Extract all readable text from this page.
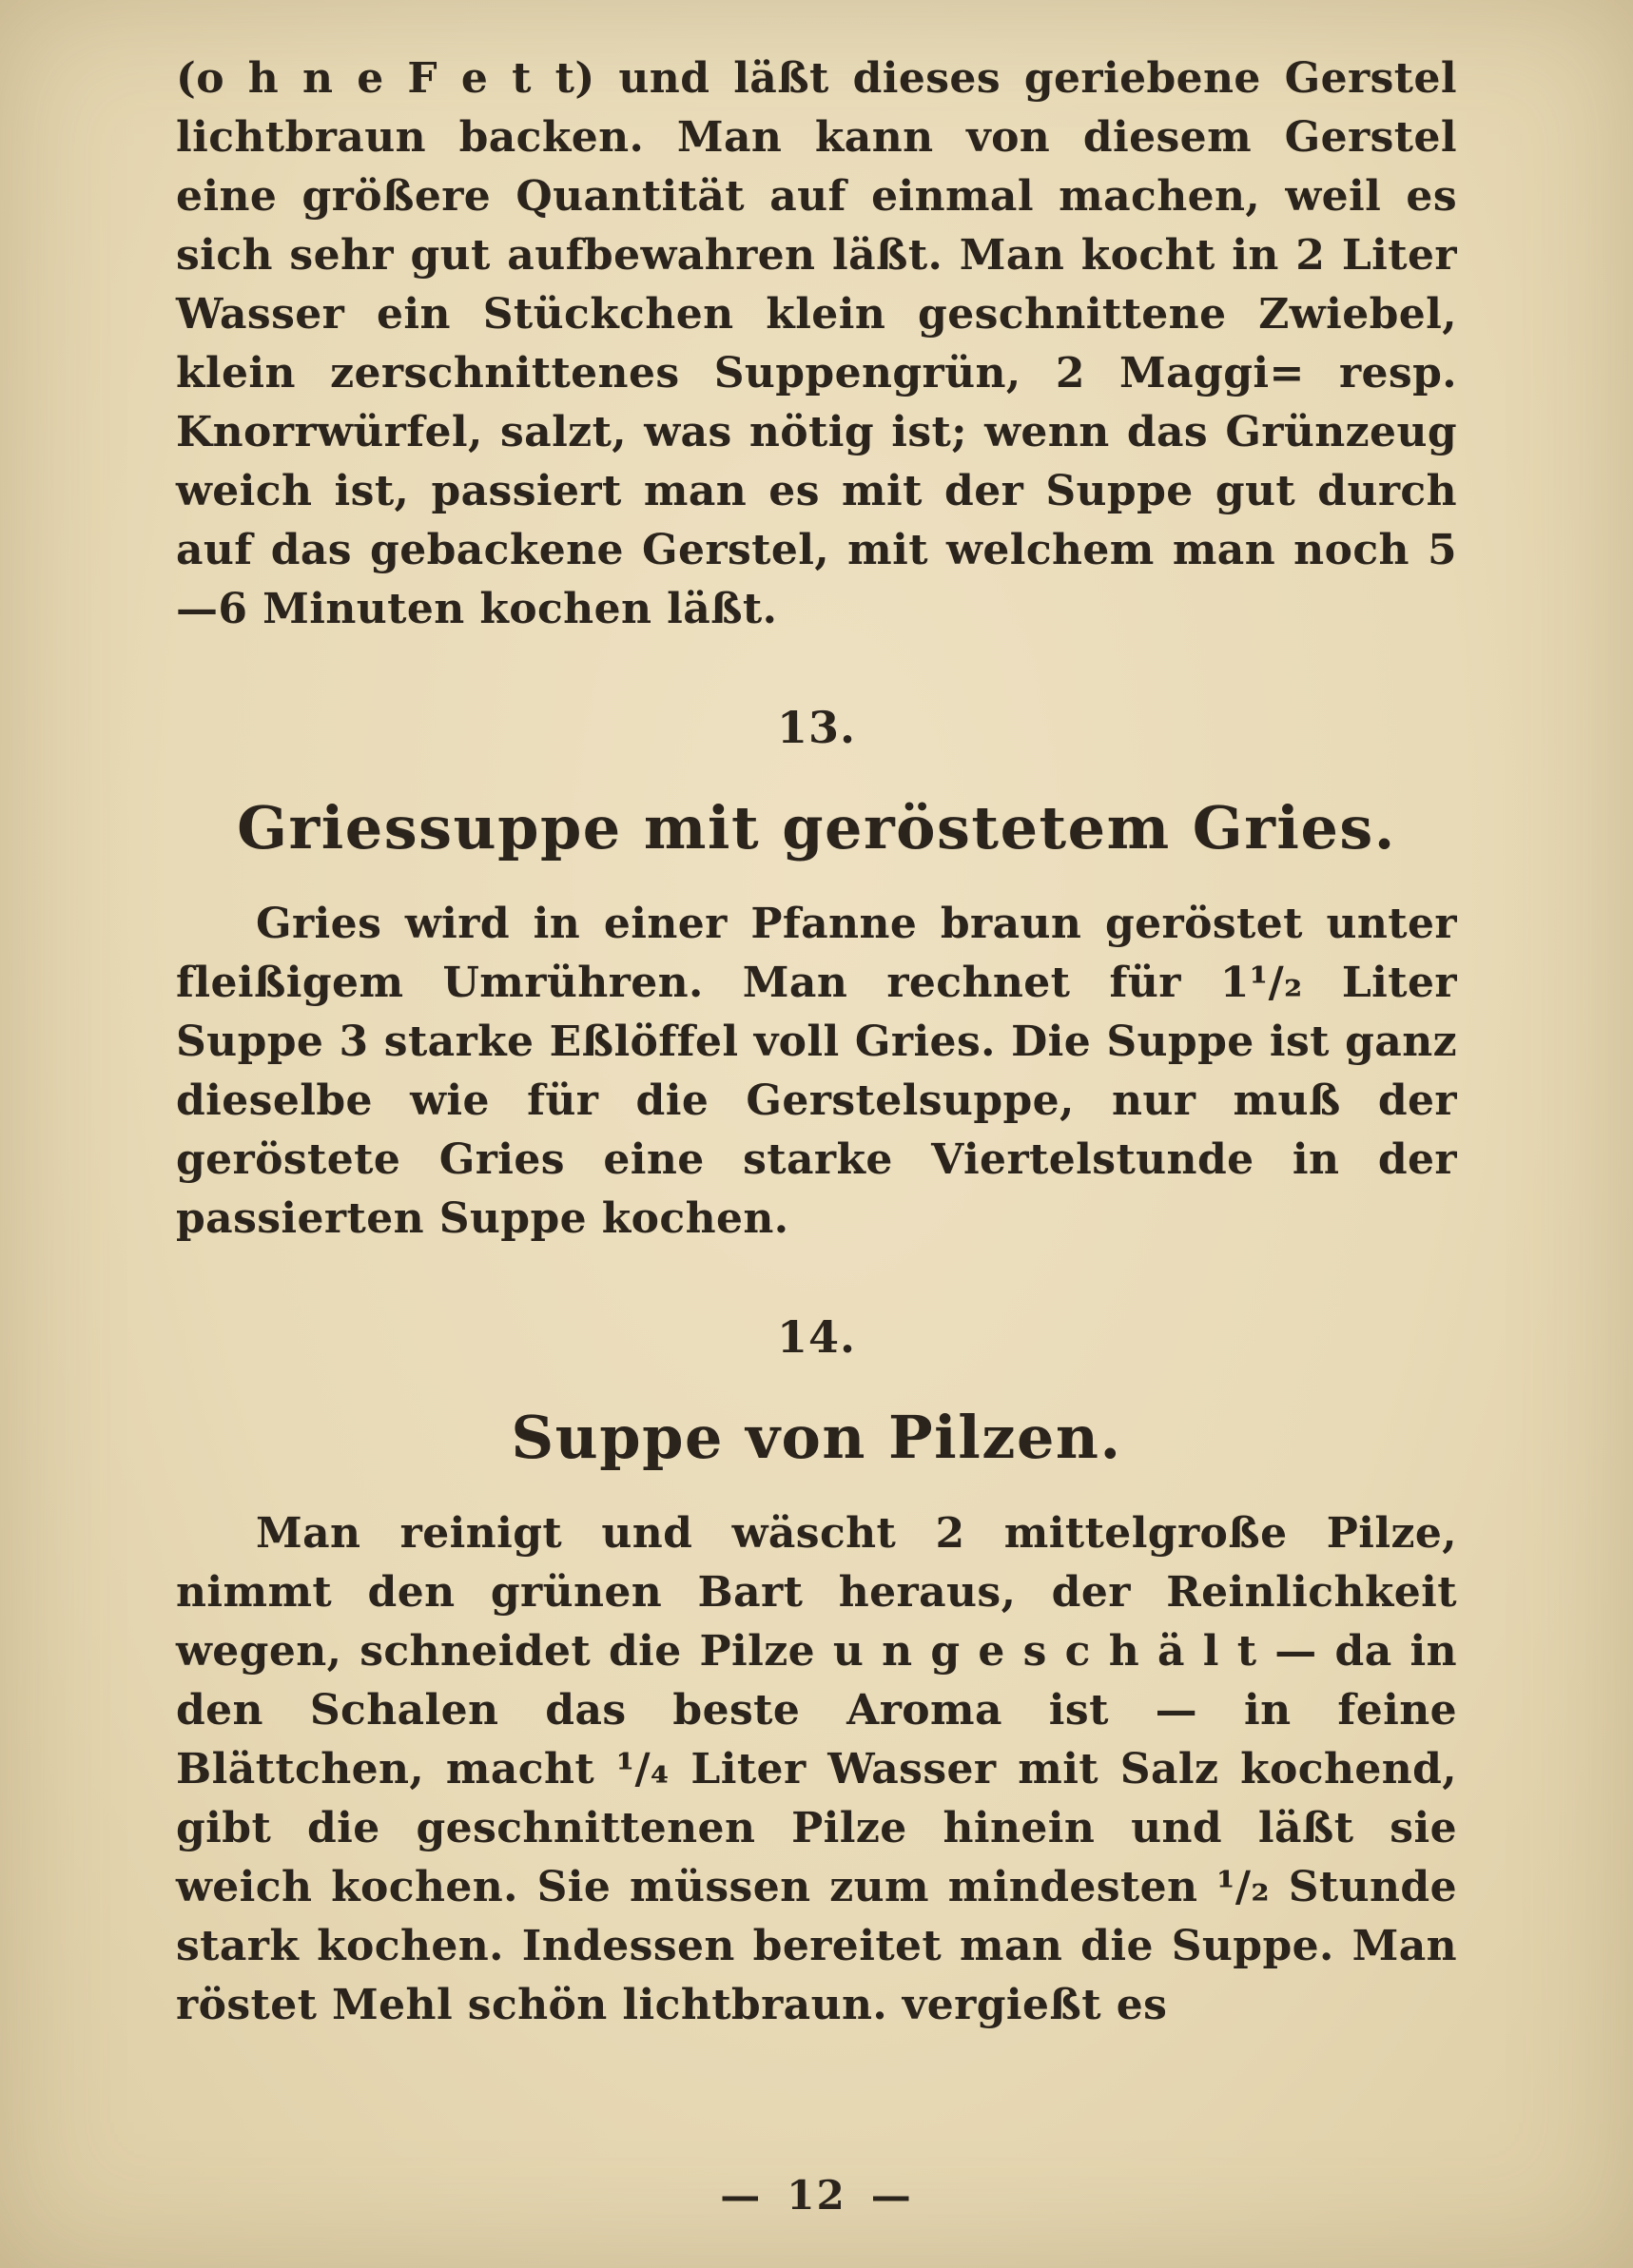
(o h n e F e t t) und läßt dieses geriebene Gerstel lichtbraun backen. Man kann von diesem Gerstel eine größere Quantität auf einmal machen, weil es sich sehr gut aufbewahren läßt. Man kocht in 2 Liter Wasser ein Stückchen klein geschnittene Zwiebel, klein zerschnittenes Suppengrün, 2 Maggi= resp. Knorrwürfel, salzt, was nötig ist; wenn das Grünzeug weich ist, passiert man es mit der Suppe gut durch auf das gebackene Gerstel, mit welchem man noch 5—6 Minuten kochen läßt.

13.
Griessuppe mit geröstetem Gries.

Gries wird in einer Pfanne braun geröstet unter fleißigem Umrühren. Man rechnet für 1¹/₂ Liter Suppe 3 starke Eßlöffel voll Gries. Die Suppe ist ganz dieselbe wie für die Gerstelsuppe, nur muß der geröstete Gries eine starke Viertelstunde in der passierten Suppe kochen.

14.
Suppe von Pilzen.

Man reinigt und wäscht 2 mittelgroße Pilze, nimmt den grünen Bart heraus, der Reinlichkeit wegen, schneidet die Pilze u n g e s c h ä l t — da in den Schalen das beste Aroma ist — in feine Blättchen, macht ¹/₄ Liter Wasser mit Salz kochend, gibt die geschnittenen Pilze hinein und läßt sie weich kochen. Sie müssen zum mindesten ¹/₂ Stunde stark kochen. Indessen bereitet man die Suppe. Man röstet Mehl schön lichtbraun. vergießt es

— 12 —
